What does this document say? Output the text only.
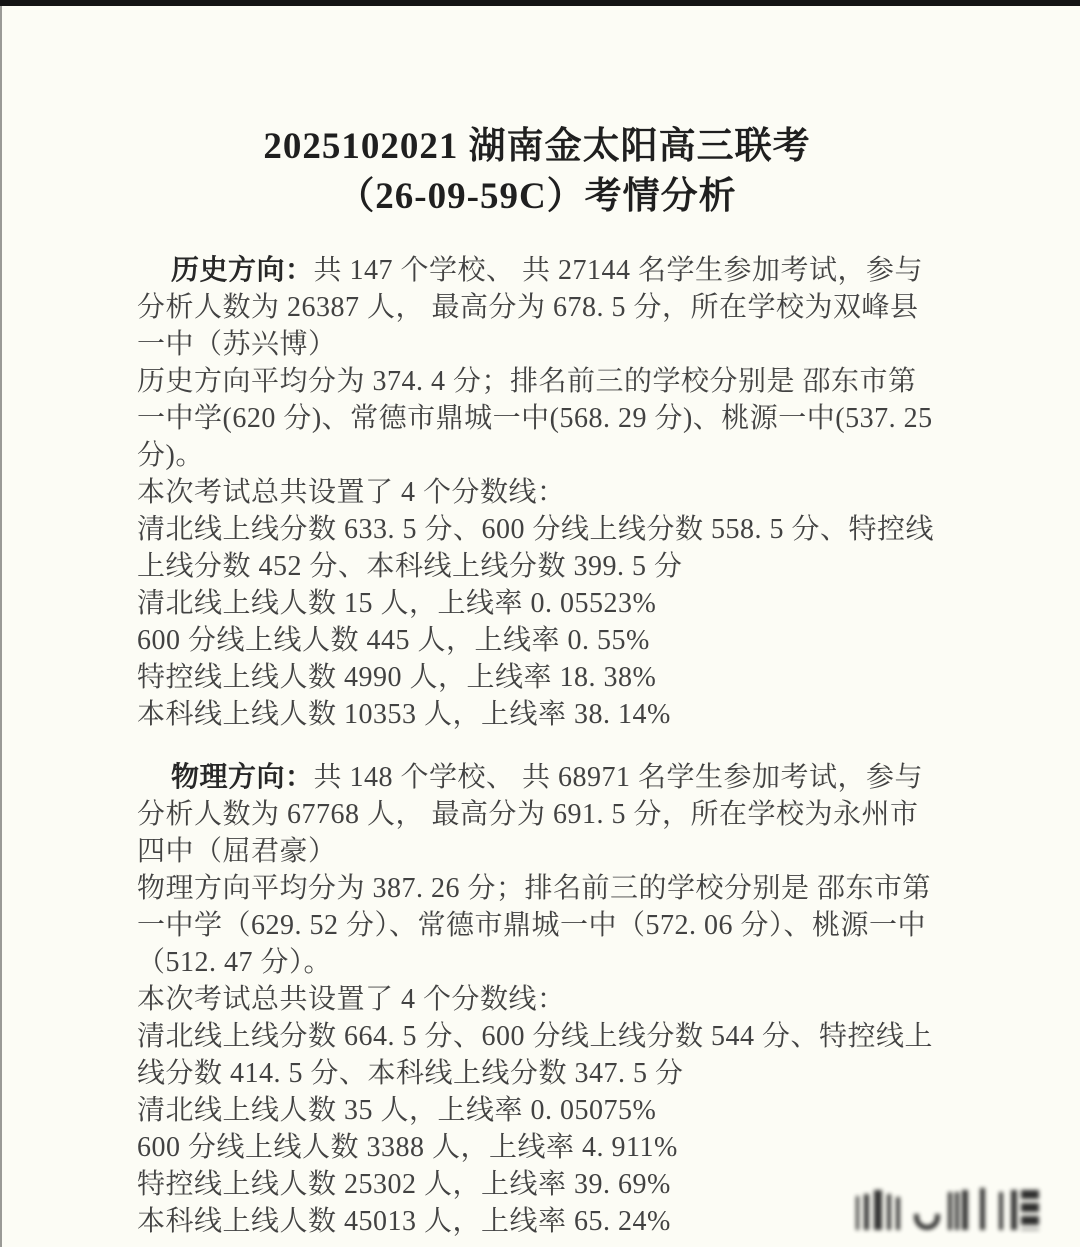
2025102021 湖南金太阳高三联考
（26-09-59C）考情分析
历史方向：共 147 个学校、 共 27144 名学生参加考试，参与
分析人数为 26387 人， 最高分为 678. 5 分，所在学校为双峰县
一中（苏兴博）
历史方向平均分为 374. 4 分；排名前三的学校分别是 邵东市第
一中学(620 分)、常德市鼎城一中(568. 29 分)、桃源一中(537. 25
分)。
本次考试总共设置了 4 个分数线：
清北线上线分数 633. 5 分、600 分线上线分数 558. 5 分、特控线
上线分数 452 分、本科线上线分数 399. 5 分
清北线上线人数 15 人，上线率 0. 05523%
600 分线上线人数 445 人，上线率 0. 55%
特控线上线人数 4990 人，上线率 18. 38%
本科线上线人数 10353 人，上线率 38. 14%
物理方向：共 148 个学校、 共 68971 名学生参加考试，参与
分析人数为 67768 人， 最高分为 691. 5 分，所在学校为永州市
四中（屈君豪）
物理方向平均分为 387. 26 分；排名前三的学校分别是 邵东市第
一中学（629. 52 分）、常德市鼎城一中（572. 06 分）、桃源一中
（512. 47 分）。
本次考试总共设置了 4 个分数线：
清北线上线分数 664. 5 分、600 分线上线分数 544 分、特控线上
线分数 414. 5 分、本科线上线分数 347. 5 分
清北线上线人数 35 人，上线率 0. 05075%
600 分线上线人数 3388 人，上线率 4. 911%
特控线上线人数 25302 人，上线率 39. 69%
本科线上线人数 45013 人，上线率 65. 24%
